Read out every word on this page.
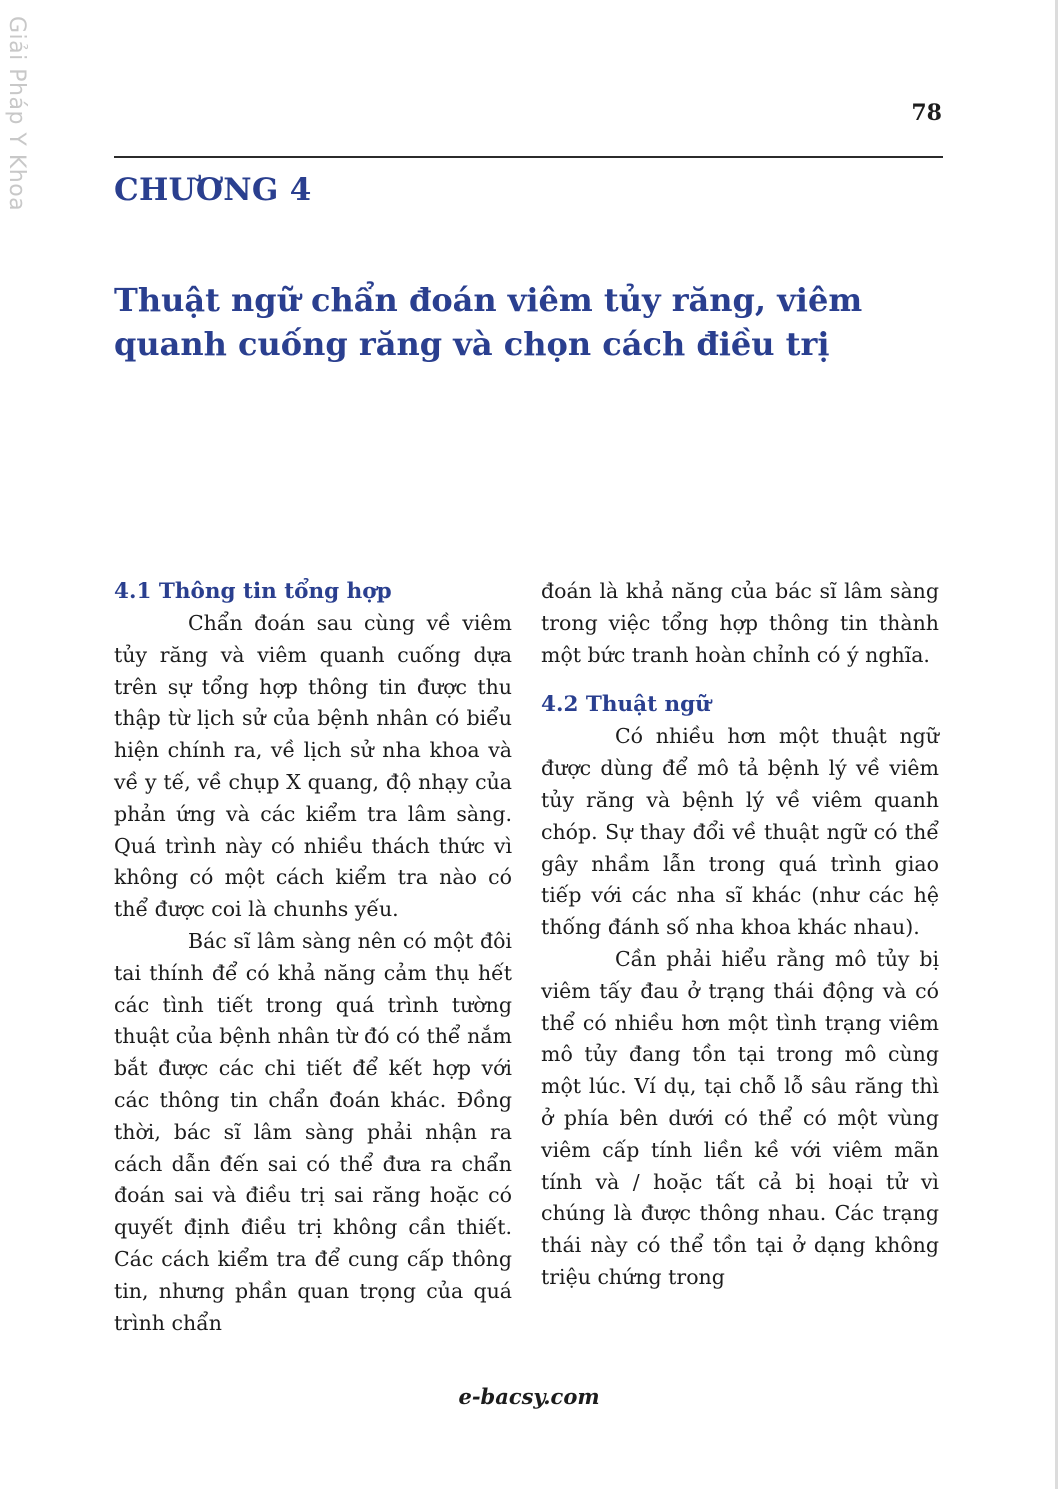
Giải Pháp Y Khoa	78
CHƯƠNG 4
Thuật ngữ chẩn đoán viêm tủy răng, viêm quanh cuống răng và chọn cách điều trị
4.1 Thông tin tổng hợp

Chẩn đoán sau cùng về viêm tủy răng và viêm quanh cuống dựa trên sự tổng hợp thông tin được thu thập từ lịch sử của bệnh nhân có biểu hiện chính ra, về lịch sử nha khoa và về y tế, về chụp X quang, độ nhạy của phản ứng và các kiểm tra lâm sàng. Quá trình này có nhiều thách thức vì không có một cách kiểm tra nào có thể được coi là chunhs yếu.

Bác sĩ lâm sàng nên có một đôi tai thính để có khả năng cảm thụ hết các tình tiết trong quá trình tường thuật của bệnh nhân từ đó có thể nắm bắt được các chi tiết để kết hợp với các thông tin chẩn đoán khác. Đồng thời, bác sĩ lâm sàng phải nhận ra cách dẫn đến sai có thể đưa ra chẩn đoán sai và điều trị sai răng hoặc có quyết định điều trị không cần thiết. Các cách kiểm tra để cung cấp thông tin, nhưng phần quan trọng của quá trình chẩn

đoán là khả năng của bác sĩ lâm sàng trong việc tổng hợp thông tin thành một bức tranh hoàn chỉnh có ý nghĩa.

4.2 Thuật ngữ

Có nhiều hơn một thuật ngữ được dùng để mô tả bệnh lý về viêm tủy răng và bệnh lý về viêm quanh chóp. Sự thay đổi về thuật ngữ có thể gây nhầm lẫn trong quá trình giao tiếp với các nha sĩ khác (như các hệ thống đánh số nha khoa khác nhau).

Cần phải hiểu rằng mô tủy bị viêm tấy đau ở trạng thái động và có thể có nhiều hơn một tình trạng viêm mô tủy đang tồn tại trong mô cùng một lúc. Ví dụ, tại chỗ lỗ sâu răng thì ở phía bên dưới có thể có một vùng viêm cấp tính liền kề với viêm mãn tính và / hoặc tất cả bị hoại tử vì chúng là được thông nhau. Các trạng thái này có thể tồn tại ở dạng không triệu chứng trong

e-bacsy.com
